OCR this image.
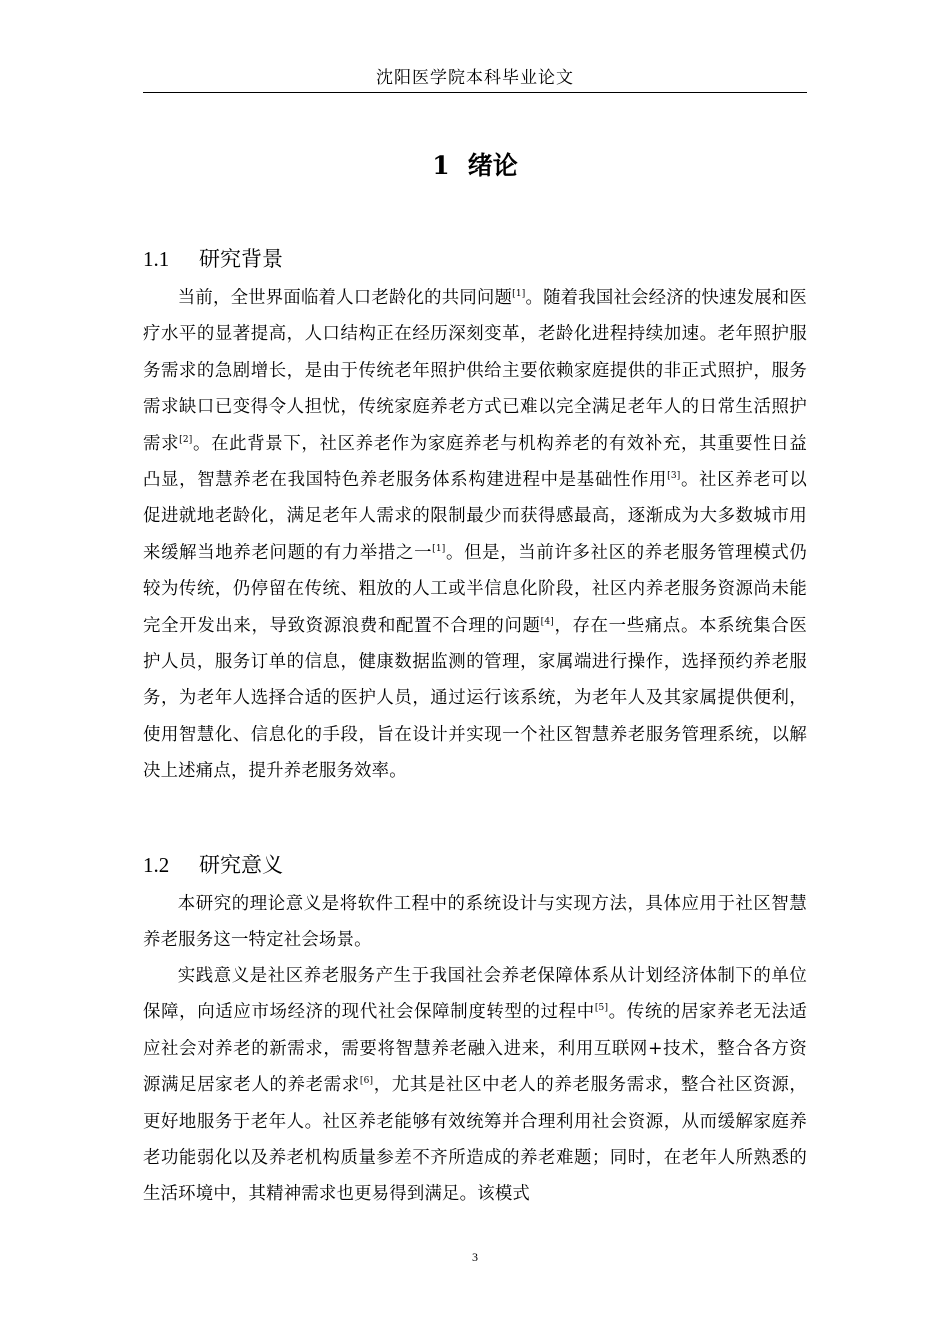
沈阳医学院本科毕业论文
1 绪论
1.1 研究背景

当前，全世界面临着人口老龄化的共同问题[1]。随着我国社会经济的快速发展和医疗水平的显著提高，人口结构正在经历深刻变革，老龄化进程持续加速。老年照护服务需求的急剧增长，是由于传统老年照护供给主要依赖家庭提供的非正式照护，服务需求缺口已变得令人担忧，传统家庭养老方式已难以完全满足老年人的日常生活照护需求[2]。在此背景下，社区养老作为家庭养老与机构养老的有效补充，其重要性日益凸显，智慧养老在我国特色养老服务体系构建进程中是基础性作用[3]。社区养老可以促进就地老龄化，满足老年人需求的限制最少而获得感最高，逐渐成为大多数城市用来缓解当地养老问题的有力举措之一[1]。但是，当前许多社区的养老服务管理模式仍较为传统，仍停留在传统、粗放的人工或半信息化阶段，社区内养老服务资源尚未能完全开发出来，导致资源浪费和配置不合理的问题[4]，存在一些痛点。本系统集合医护人员，服务订单的信息，健康数据监测的管理，家属端进行操作，选择预约养老服务，为老年人选择合适的医护人员，通过运行该系统，为老年人及其家属提供便利，使用智慧化、信息化的手段，旨在设计并实现一个社区智慧养老服务管理系统，以解决上述痛点，提升养老服务效率。

1.2 研究意义

本研究的理论意义是将软件工程中的系统设计与实现方法，具体应用于社区智慧养老服务这一特定社会场景。

实践意义是社区养老服务产生于我国社会养老保障体系从计划经济体制下的单位保障，向适应市场经济的现代社会保障制度转型的过程中[5]。传统的居家养老无法适应社会对养老的新需求，需要将智慧养老融入进来，利用互联网+技术，整合各方资源满足居家老人的养老需求[6]，尤其是社区中老人的养老服务需求，整合社区资源，更好地服务于老年人。社区养老能够有效统筹并合理利用社会资源，从而缓解家庭养老功能弱化以及养老机构质量参差不齐所造成的养老难题；同时，在老年人所熟悉的生活环境中，其精神需求也更易得到满足。该模式

3
